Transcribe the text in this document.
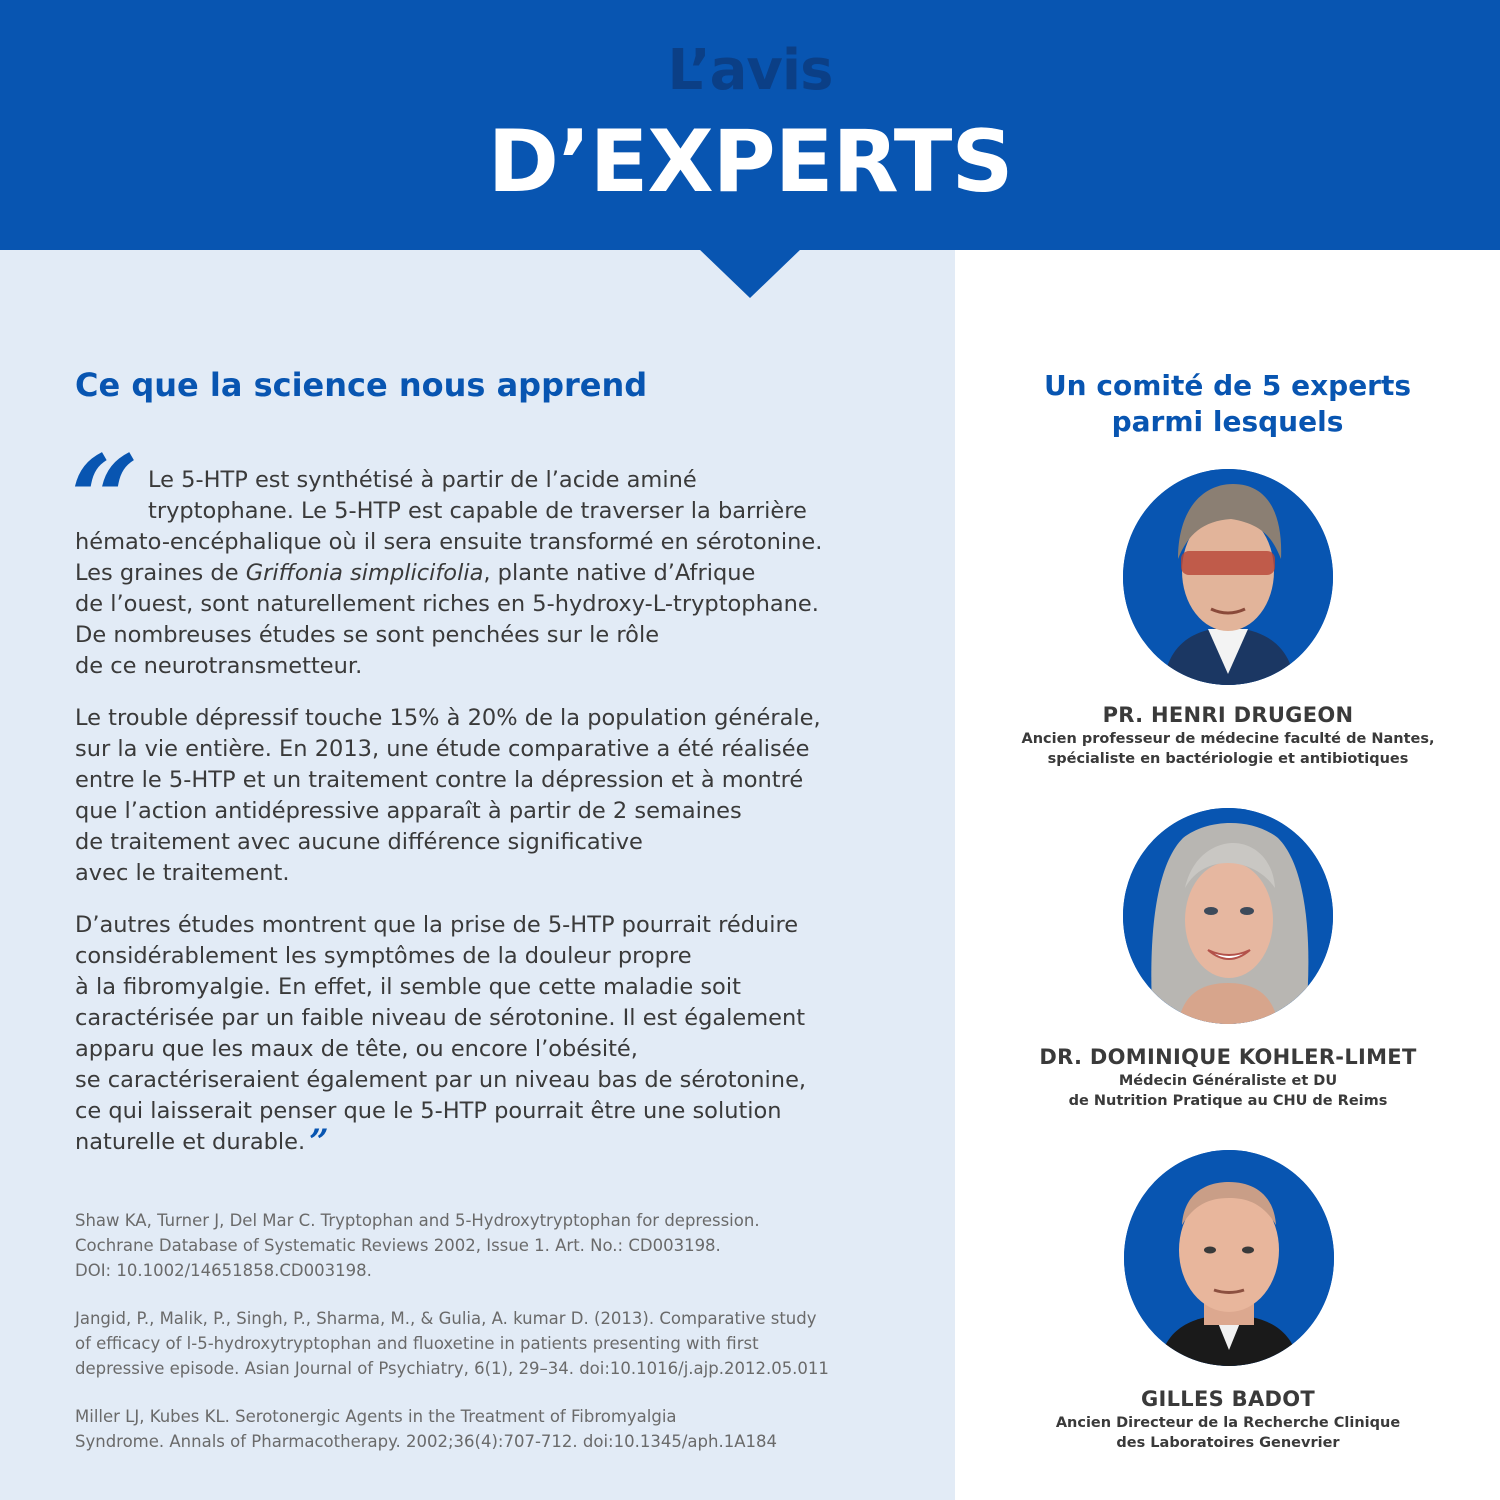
L’avis
D’EXPERTS
Ce que la science nous apprend
“ Le 5-HTP est synthétisé à partir de l’acide aminé
tryptophane. Le 5-HTP est capable de traverser la barrière
hémato-encéphalique où il sera ensuite transformé en sérotonine.
Les graines de Griffonia simplicifolia, plante native d’Afrique
de l’ouest, sont naturellement riches en 5-hydroxy-L-tryptophane.
De nombreuses études se sont penchées sur le rôle
de ce neurotransmetteur.
Le trouble dépressif touche 15% à 20% de la population générale,
sur la vie entière. En 2013, une étude comparative a été réalisée
entre le 5-HTP et un traitement contre la dépression et à montré
que l’action antidépressive apparaît à partir de 2 semaines
de traitement avec aucune différence significative
avec le traitement.
D’autres études montrent que la prise de 5-HTP pourrait réduire
considérablement les symptômes de la douleur propre
à la fibromyalgie. En effet, il semble que cette maladie soit
caractérisée par un faible niveau de sérotonine. Il est également
apparu que les maux de tête, ou encore l’obésité,
se caractériseraient également par un niveau bas de sérotonine,
ce qui laisserait penser que le 5-HTP pourrait être une solution
naturelle et durable. ”
Shaw KA, Turner J, Del Mar C. Tryptophan and 5-Hydroxytryptophan for depression.
Cochrane Database of Systematic Reviews 2002, Issue 1. Art. No.: CD003198.
DOI: 10.1002/14651858.CD003198.
Jangid, P., Malik, P., Singh, P., Sharma, M., & Gulia, A. kumar D. (2013). Comparative study
of efficacy of l-5-hydroxytryptophan and fluoxetine in patients presenting with first
depressive episode. Asian Journal of Psychiatry, 6(1), 29–34. doi:10.1016/j.ajp.2012.05.011
Miller LJ, Kubes KL. Serotonergic Agents in the Treatment of Fibromyalgia
Syndrome. Annals of Pharmacotherapy. 2002;36(4):707-712. doi:10.1345/aph.1A184
Un comité de 5 experts
parmi lesquels
PR. HENRI DRUGEON
Ancien professeur de médecine faculté de Nantes,
spécialiste en bactériologie et antibiotiques
DR. DOMINIQUE KOHLER-LIMET
Médecin Généraliste et DU
de Nutrition Pratique au CHU de Reims
GILLES BADOT
Ancien Directeur de la Recherche Clinique
des Laboratoires Genevrier
